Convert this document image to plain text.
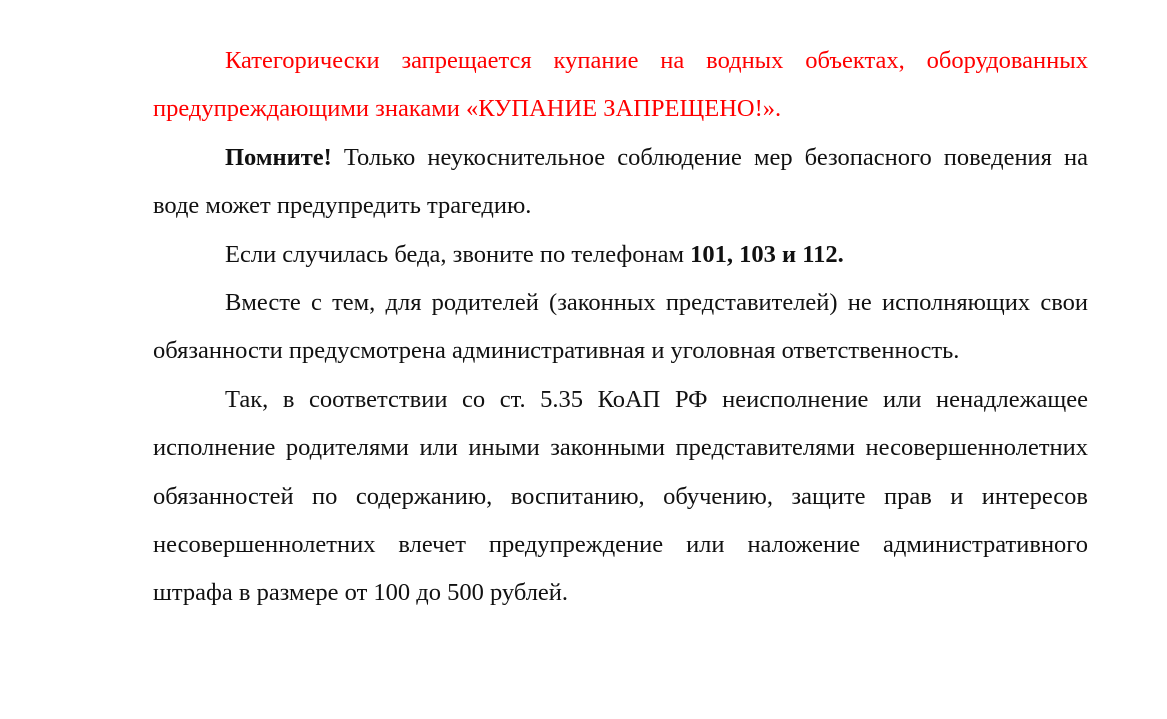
Категорически запрещается купание на водных объектах, оборудованных предупреждающими знаками «КУПАНИЕ ЗАПРЕЩЕНО!».

Помните! Только неукоснительное соблюдение мер безопасного поведения на воде может предупредить трагедию.

Если случилась беда, звоните по телефонам 101, 103 и 112.

Вместе с тем, для родителей (законных представителей) не исполняющих свои обязанности предусмотрена административная и уголовная ответственность.

Так, в соответствии со ст. 5.35 КоАП РФ неисполнение или ненадлежащее исполнение родителями или иными законными представителями несовершеннолетних обязанностей по содержанию, воспитанию, обучению, защите прав и интересов несовершеннолетних влечет предупреждение или наложение административного штрафа в размере от 100 до 500 рублей.
